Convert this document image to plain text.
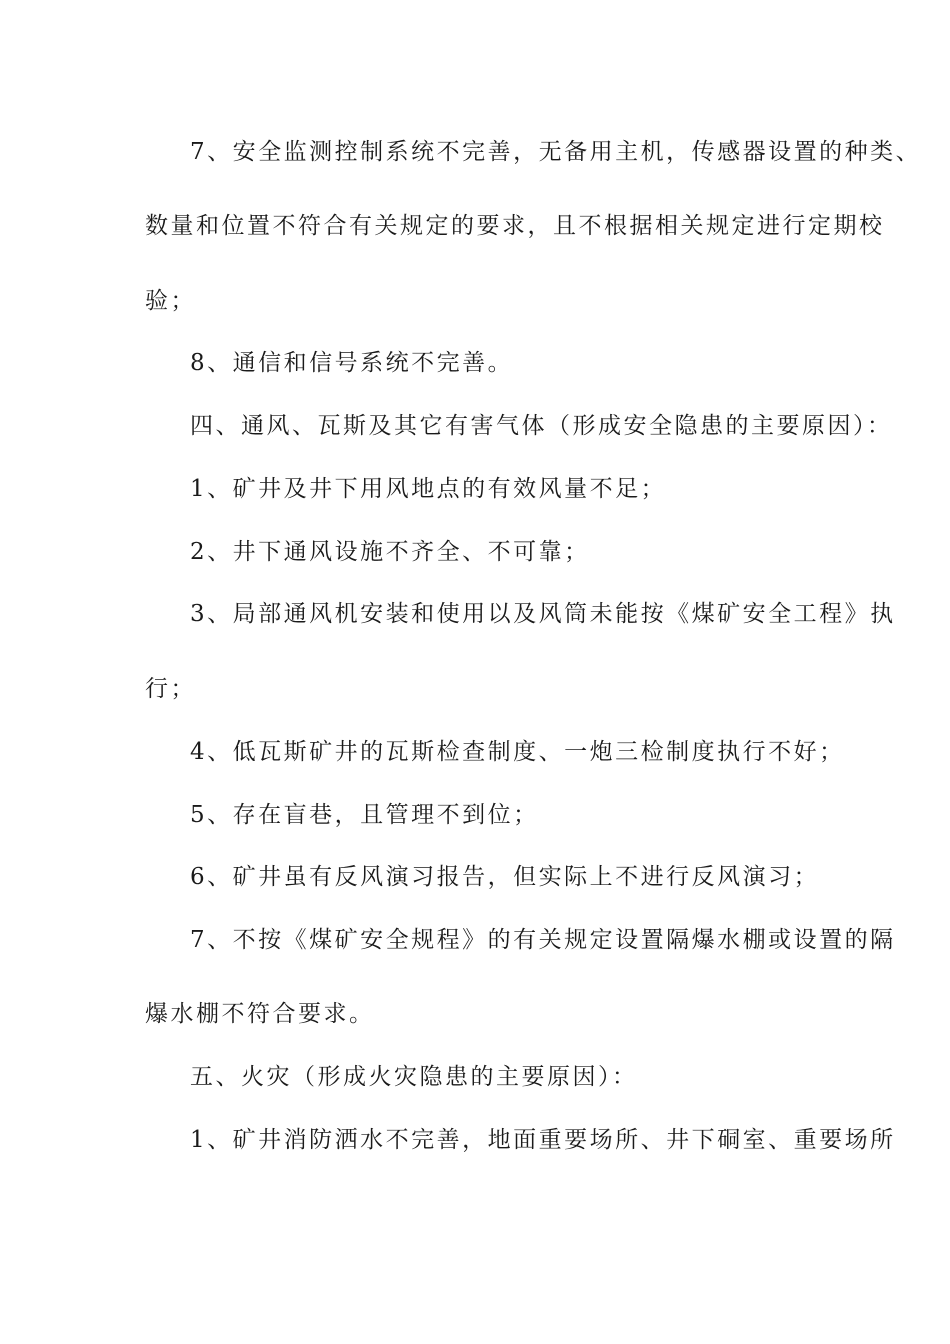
7、安全监测控制系统不完善，无备用主机，传感器设置的种类、
数量和位置不符合有关规定的要求，且不根据相关规定进行定期校
验；
8、通信和信号系统不完善。
四、通风、瓦斯及其它有害气体（形成安全隐患的主要原因）：
1、矿井及井下用风地点的有效风量不足；
2、井下通风设施不齐全、不可靠；
3、局部通风机安装和使用以及风筒未能按《煤矿安全工程》执
行；
4、低瓦斯矿井的瓦斯检查制度、一炮三检制度执行不好；
5、存在盲巷，且管理不到位；
6、矿井虽有反风演习报告，但实际上不进行反风演习；
7、不按《煤矿安全规程》的有关规定设置隔爆水棚或设置的隔
爆水棚不符合要求。
五、火灾（形成火灾隐患的主要原因）：
1、矿井消防洒水不完善，地面重要场所、井下硐室、重要场所
